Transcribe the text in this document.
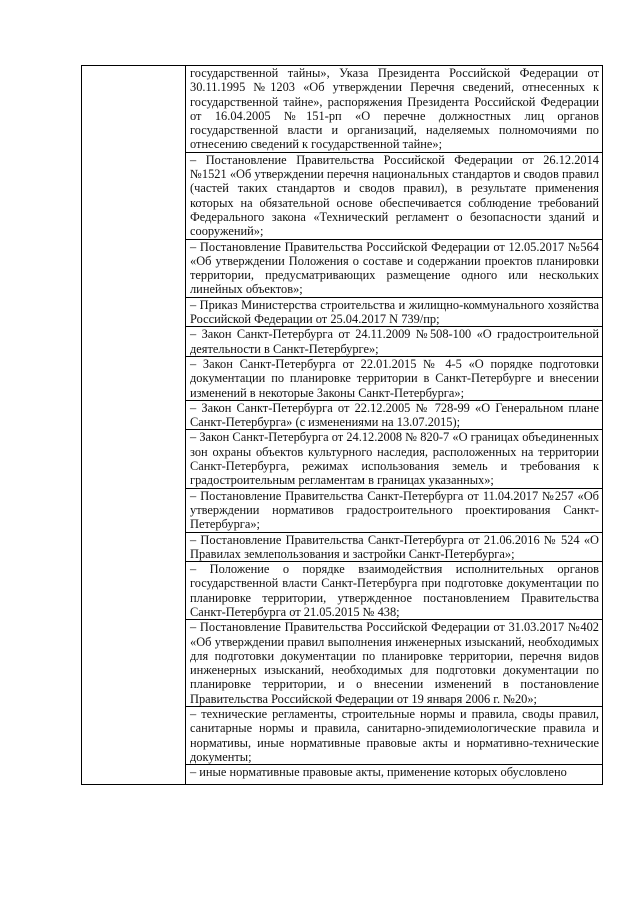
государственной тайны», Указа Президента Российской Федерации от 30.11.1995 №1203 «Об утверждении Перечня сведений, отнесенных к государственной тайне», распоряжения Президента Российской Федерации от 16.04.2005 №151-рп «О перечне должностных лиц органов государственной власти и организаций, наделяемых полномочиями по отнесению сведений к государственной тайне»;

– Постановление Правительства Российской Федерации от 26.12.2014 №1521 «Об утверждении перечня национальных стандартов и сводов правил (частей таких стандартов и сводов правил), в результате применения которых на обязательной основе обеспечивается соблюдение требований Федерального закона «Технический регламент о безопасности зданий и сооружений»;

– Постановление Правительства Российской Федерации от 12.05.2017 №564 «Об утверждении Положения о составе и содержании проектов планировки территории, предусматривающих размещение одного или нескольких линейных объектов»;

– Приказ Министерства строительства и жилищно-коммунального хозяйства Российской Федерации от 25.04.2017 N 739/пр;

– Закон Санкт-Петербурга от 24.11.2009 №508-100 «О градостроительной деятельности в Санкт-Петербурге»;

– Закон Санкт-Петербурга от 22.01.2015 № 4-5 «О порядке подготовки документации по планировке территории в Санкт-Петербурге и внесении изменений в некоторые Законы Санкт-Петербурга»;

– Закон Санкт-Петербурга от 22.12.2005 № 728-99 «О Генеральном плане Санкт-Петербурга» (с изменениями на 13.07.2015);

– Закон Санкт-Петербурга от 24.12.2008 № 820-7 «О границах объединенных зон охраны объектов культурного наследия, расположенных на территории Санкт-Петербурга, режимах использования земель и требования к градостроительным регламентам в границах указанных»;

– Постановление Правительства Санкт-Петербурга от 11.04.2017 №257 «Об утверждении нормативов градостроительного проектирования Санкт-Петербурга»;

– Постановление Правительства Санкт-Петербурга от 21.06.2016 № 524 «О Правилах землепользования и застройки Санкт-Петербурга»;

– Положение о порядке взаимодействия исполнительных органов государственной власти Санкт-Петербурга при подготовке документации по планировке территории, утвержденное постановлением Правительства Санкт-Петербурга от 21.05.2015 № 438;

– Постановление Правительства Российской Федерации от 31.03.2017 №402 «Об утверждении правил выполнения инженерных изысканий, необходимых для подготовки документации по планировке территории, перечня видов инженерных изысканий, необходимых для подготовки документации по планировке территории, и о внесении изменений в постановление Правительства Российской Федерации от 19 января 2006 г. №20»;

– технические регламенты, строительные нормы и правила, своды правил, санитарные нормы и правила, санитарно-эпидемиологические правила и нормативы, иные нормативные правовые акты и нормативно-технические документы;

– иные нормативные правовые акты, применение которых обусловлено
